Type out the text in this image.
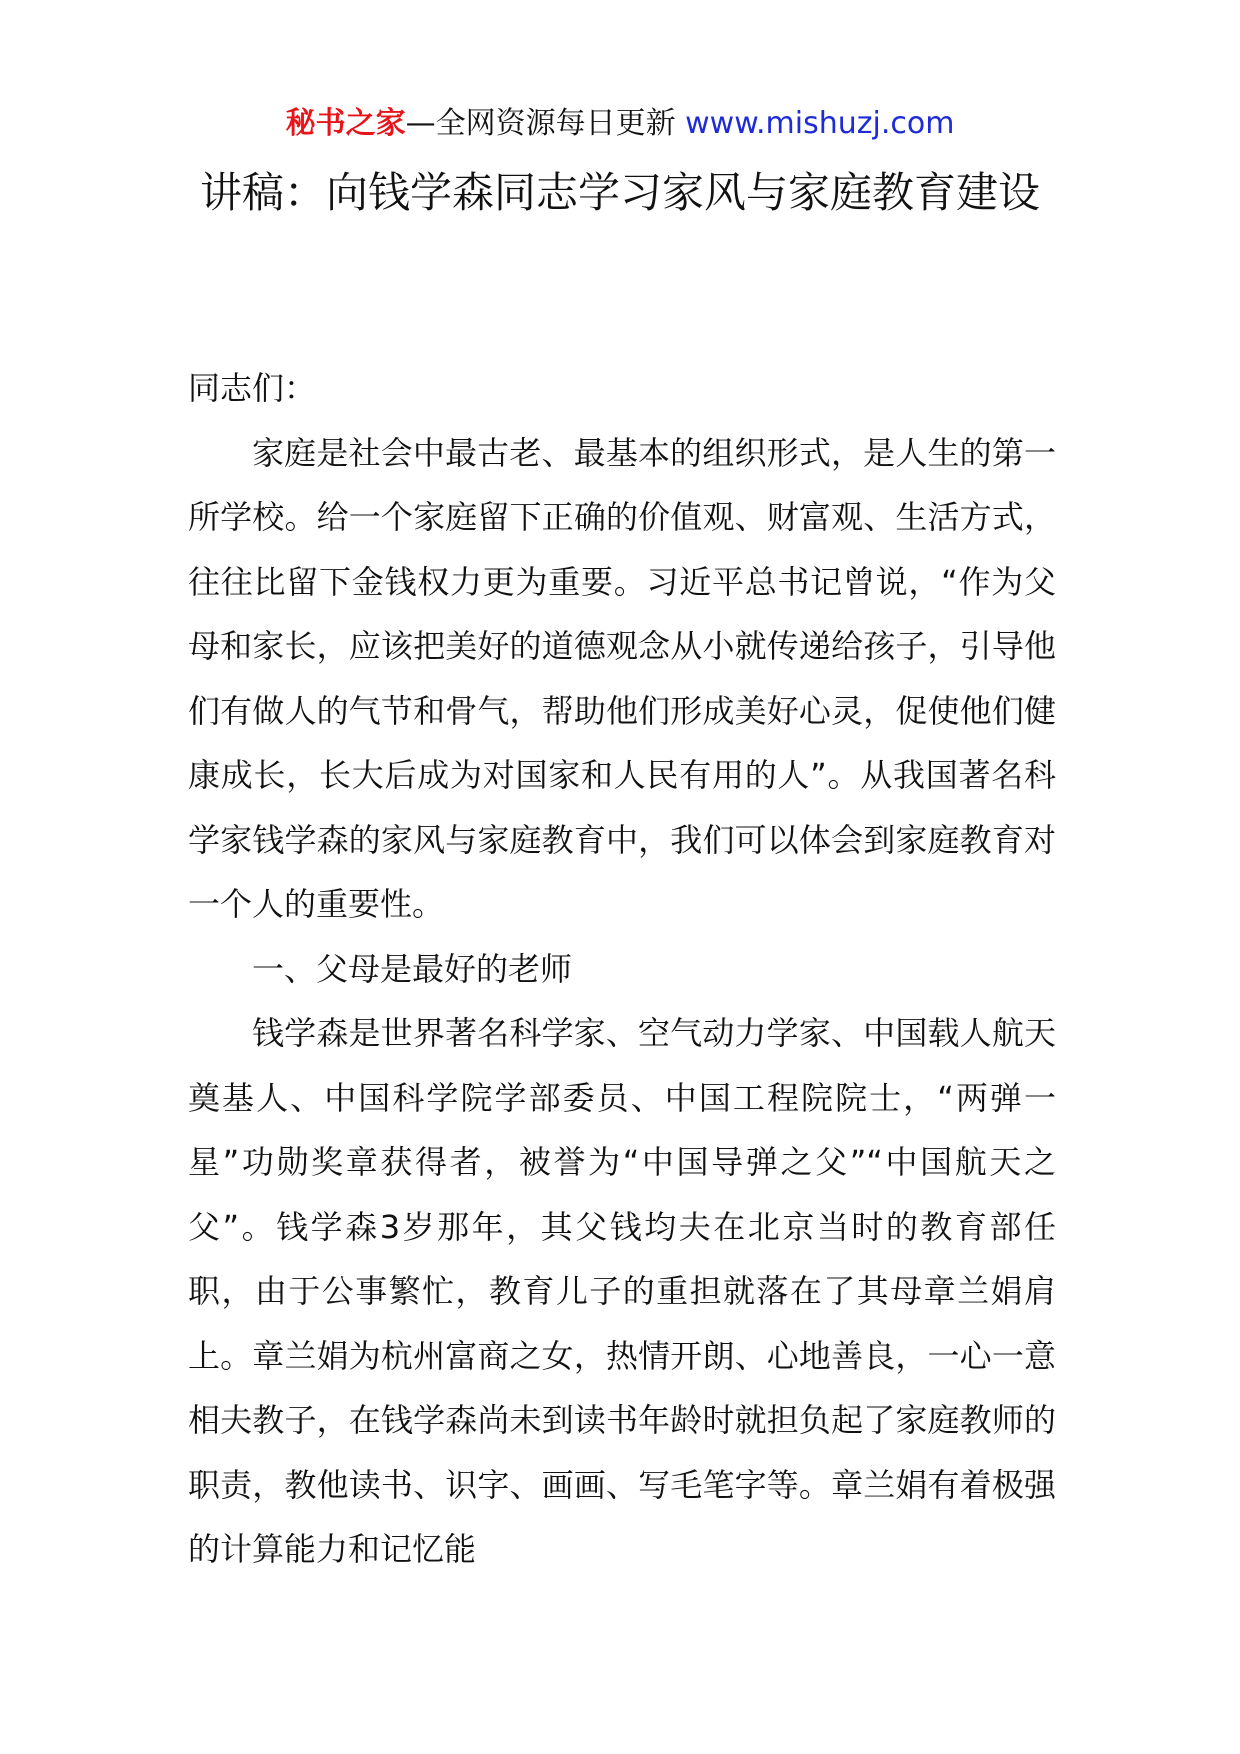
秘书之家—全网资源每日更新 www.mishuzj.com
讲稿：向钱学森同志学习家风与家庭教育建设

同志们：

家庭是社会中最古老、最基本的组织形式，是人生的第一所学校。给一个家庭留下正确的价值观、财富观、生活方式，往往比留下金钱权力更为重要。习近平总书记曾说，“作为父母和家长，应该把美好的道德观念从小就传递给孩子，引导他们有做人的气节和骨气，帮助他们形成美好心灵，促使他们健康成长，长大后成为对国家和人民有用的人”。从我国著名科学家钱学森的家风与家庭教育中，我们可以体会到家庭教育对一个人的重要性。

一、父母是最好的老师

钱学森是世界著名科学家、空气动力学家、中国载人航天奠基人、中国科学院学部委员、中国工程院院士，“两弹一星”功勋奖章获得者，被誉为“中国导弹之父”“中国航天之父”。钱学森3岁那年，其父钱均夫在北京当时的教育部任职，由于公事繁忙，教育儿子的重担就落在了其母章兰娟肩上。章兰娟为杭州富商之女，热情开朗、心地善良，一心一意相夫教子，在钱学森尚未到读书年龄时就担负起了家庭教师的职责，教他读书、识字、画画、写毛笔字等。章兰娟有着极强的计算能力和记忆能
